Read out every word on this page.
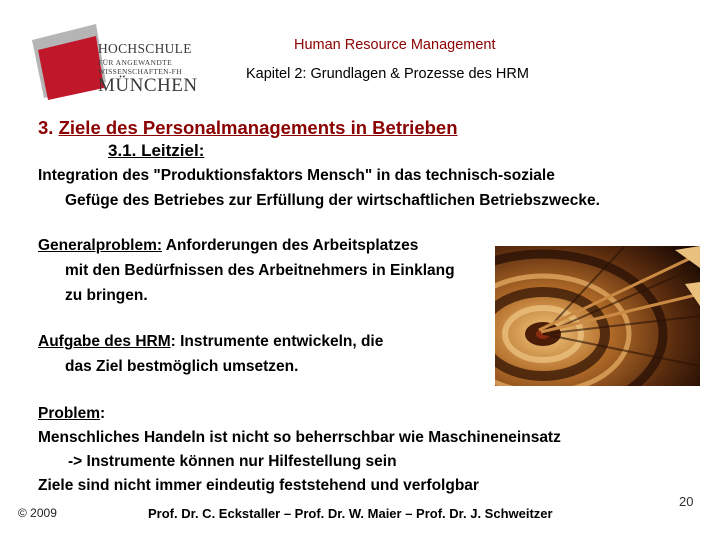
HOCHSCHULE
FÜR ANGEWANDTE
WISSENSCHAFTEN-FH
MÜNCHEN
Human Resource Management
Kapitel 2: Grundlagen & Prozesse des HRM
3. Ziele des Personalmanagements in Betrieben
3.1. Leitziel:
Integration des "Produktionsfaktors Mensch" in das technisch-soziale
Gefüge des Betriebes zur Erfüllung der wirtschaftlichen Betriebszwecke.
Generalproblem: Anforderungen des Arbeitsplatzes
mit den Bedürfnissen des Arbeitnehmers in Einklang
zu bringen.
Aufgabe des HRM: Instrumente entwickeln, die
das Ziel bestmöglich umsetzen.
Problem:
Menschliches Handeln ist nicht so beherrschbar wie Maschineneinsatz
-> Instrumente können nur Hilfestellung sein
Ziele sind nicht immer eindeutig feststehend und verfolgbar
© 2009	Prof. Dr. C. Eckstaller – Prof. Dr. W. Maier – Prof. Dr. J. Schweitzer
20
